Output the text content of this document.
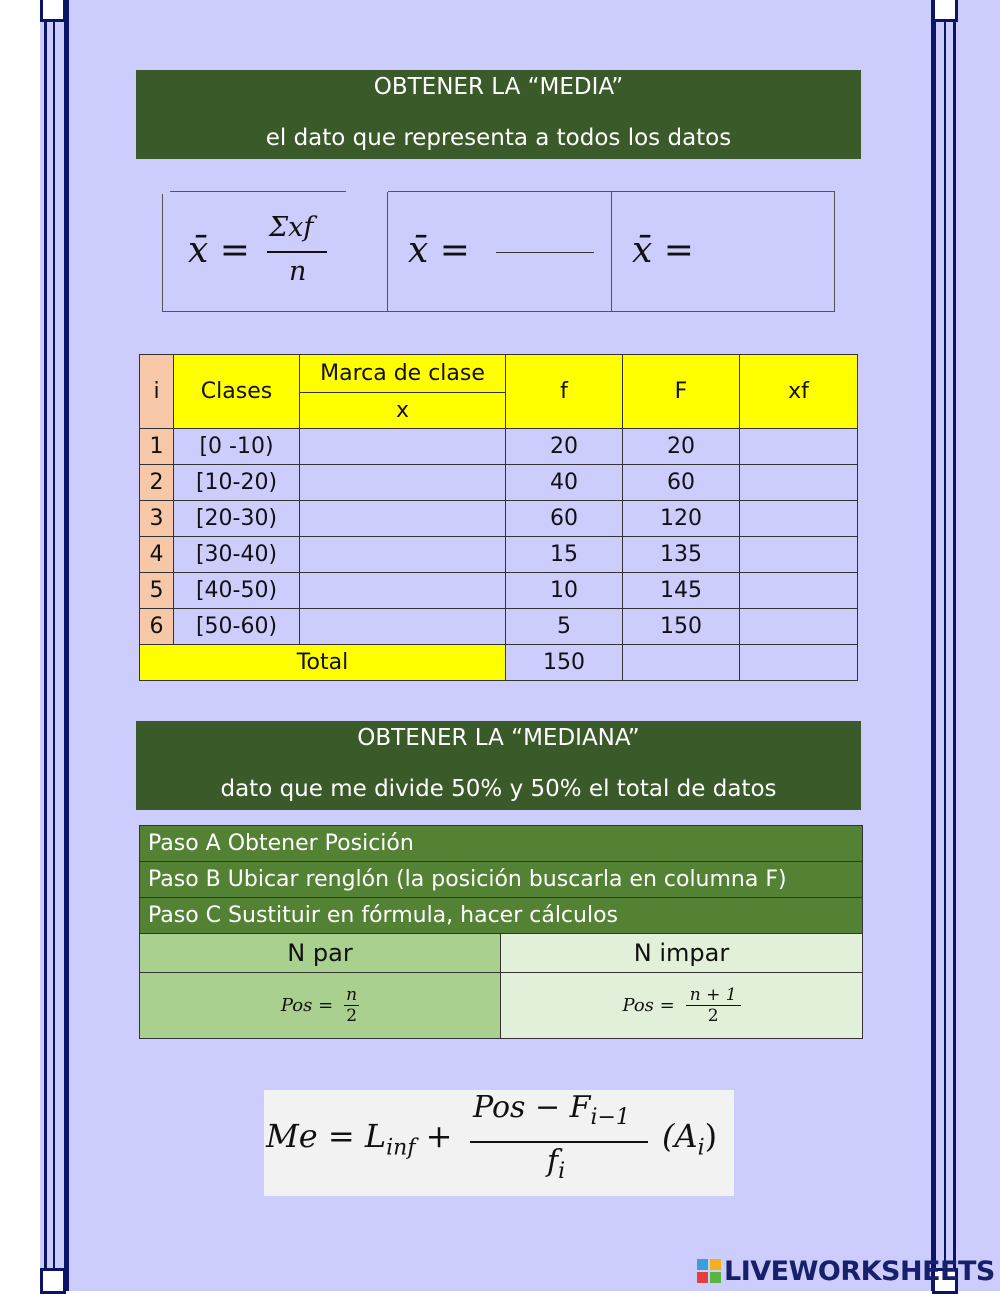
OBTENER LA “MEDIA”
el dato que representa a todos los datos
x̄ =
Σxf
n
x̄ =	x̄ =
i	Clases	Marca de clase	f	F	xf
		x			
1	[0 -10)		20	20	
2	[10-20)		40	60	
3	[20-30)		60	120	
4	[30-40)		15	135	
5	[40-50)		10	145	
6	[50-60)		5	150	
Total			150		
OBTENER LA “MEDIANA”
dato que me divide 50% y 50% el total de datos
Paso A Obtener Posición	
Paso B Ubicar renglón (la posición buscarla en columna F)	
Paso C Sustituir en fórmula, hacer cálculos	
N par	N impar
Pos = $\frac{n}{2}$	Pos = $\frac{n + 1}{2}$
$Me = L_{inf}$ +
Pos − $F_{i-1}$
$f_i$
$(A_i)$
LIVEWORKSHEETS
